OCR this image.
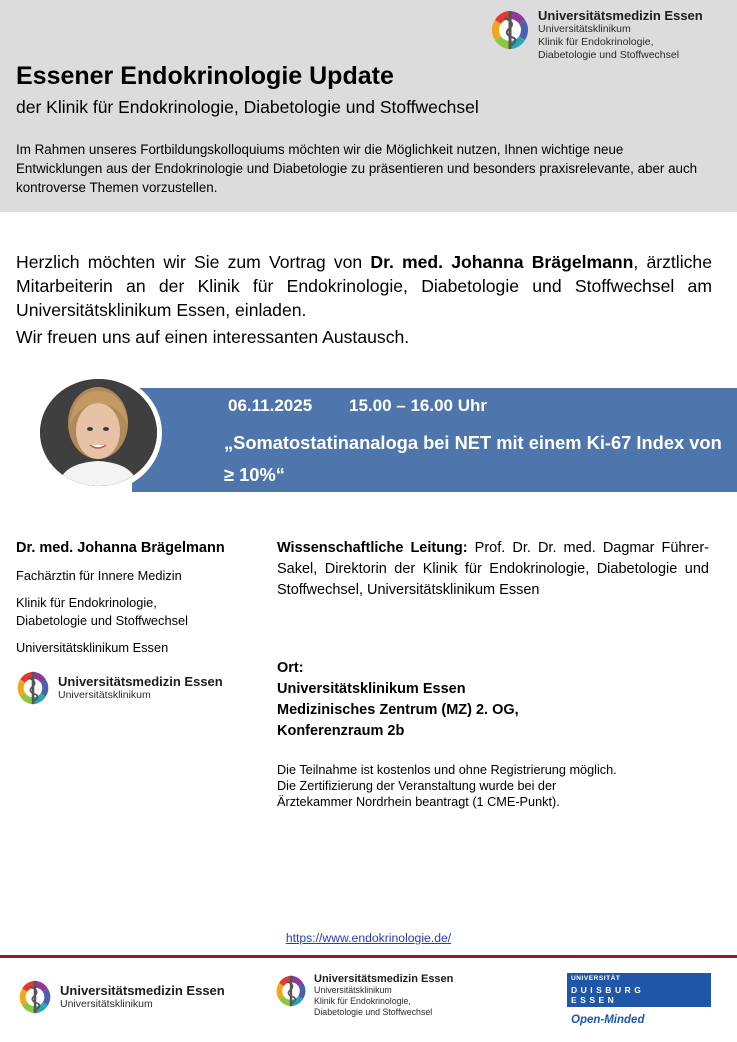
Universitätsmedizin Essen
Universitätsklinikum
Klinik für Endokrinologie,
Diabetologie und Stoffwechsel
Essener Endokrinologie Update
der Klinik für Endokrinologie, Diabetologie und Stoffwechsel
Im Rahmen unseres Fortbildungskolloquiums möchten wir die Möglichkeit nutzen, Ihnen wichtige neue Entwicklungen aus der Endokrinologie und Diabetologie zu präsentieren und besonders praxisrelevante, aber auch kontroverse Themen vorzustellen.
Herzlich möchten wir Sie zum Vortrag von Dr. med. Johanna Brägelmann, ärztliche Mitarbeiterin an der Klinik für Endokrinologie, Diabetologie und Stoffwechsel am Universitätsklinikum Essen, einladen.
Wir freuen uns auf einen interessanten Austausch.
06.11.2025 15.00 – 16.00 Uhr
„Somatostatinanaloga bei NET mit einem Ki-67 Index von ≥ 10%“
Dr. med. Johanna Brägelmann
Fachärztin für Innere Medizin
Klinik für Endokrinologie, Diabetologie und Stoffwechsel
Universitätsklinikum Essen
Universitätsmedizin Essen
Universitätsklinikum
Wissenschaftliche Leitung: Prof. Dr. Dr. med. Dagmar Führer-Sakel, Direktorin der Klinik für Endokrinologie, Diabetologie und Stoffwechsel, Universitätsklinikum Essen
Ort:
Universitätsklinikum Essen
Medizinisches Zentrum (MZ) 2. OG,
Konferenzraum 2b
Die Teilnahme ist kostenlos und ohne Registrierung möglich.
Die Zertifizierung der Veranstaltung wurde bei der
Ärztekammer Nordrhein beantragt (1 CME-Punkt).
https://www.endokrinologie.de/
Universitätsmedizin Essen
Universitätsklinikum
Universitätsmedizin Essen
Universitätsklinikum
Klinik für Endokrinologie,
Diabetologie und Stoffwechsel
UNIVERSITÄT
DUISBURG
ESSEN
Open-Minded
